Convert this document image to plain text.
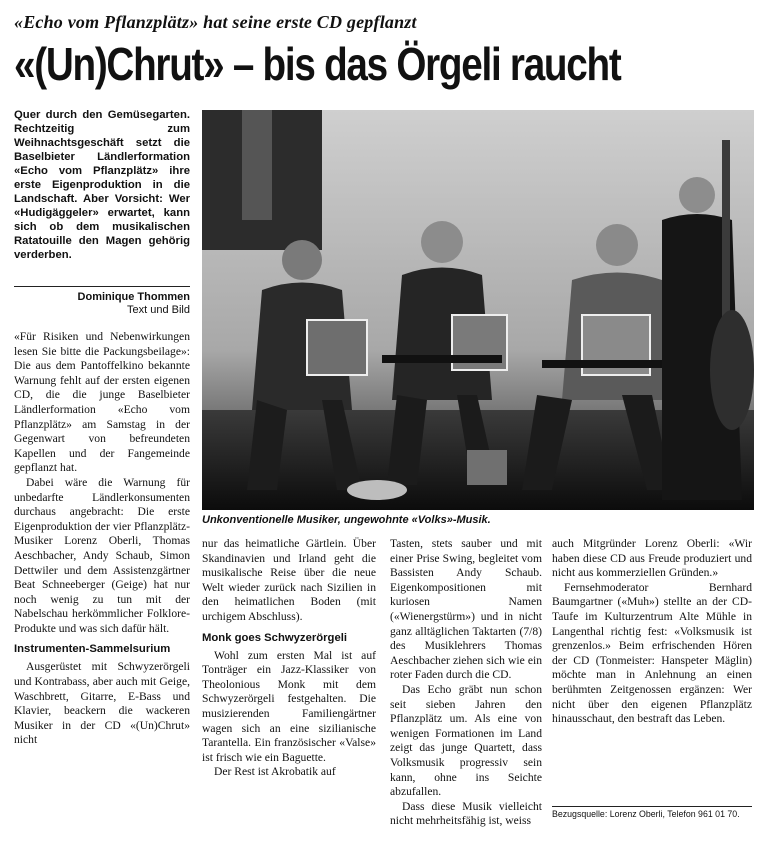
«Echo vom Pflanzplätz» hat seine erste CD gepflanzt
«(Un)Chrut» – bis das Örgeli raucht
Quer durch den Gemüsegarten. Rechtzeitig zum Weihnachtsgeschäft setzt die Baselbieter Ländlerformation «Echo vom Pflanzplätz» ihre erste Eigenproduktion in die Landschaft. Aber Vorsicht: Wer «Hudigäggeler» erwartet, kann sich ob dem musikalischen Ratatouille den Magen gehörig verderben.
Dominique Thommen
Text und Bild

«Für Risiken und Nebenwirkungen lesen Sie bitte die Packungsbeilage»: Die aus dem Pantoffelkino bekannte Warnung fehlt auf der ersten eigenen CD, die die junge Baselbieter Ländlerformation «Echo vom Pflanzplätz» am Samstag in der Gegenwart von befreundeten Kapellen und der Fangemeinde gepflanzt hat.

Dabei wäre die Warnung für unbedarfte Ländlerkonsumenten durchaus angebracht: Die erste Eigenproduktion der vier Pflanzplätz-Musiker Lorenz Oberli, Thomas Aeschbacher, Andy Schaub, Simon Dettwiler und dem Assistenzgärtner Beat Schneeberger (Geige) hat nur noch wenig zu tun mit der Nabelschau herkömmlicher Folklore-Produkte und was sich dafür hält.

Instrumenten-Sammelsurium

Ausgerüstet mit Schwyzerörgeli und Kontrabass, aber auch mit Geige, Waschbrett, Gitarre, E-Bass und Klavier, beackern die wackeren Musiker in der CD «(Un)Chrut» nicht

Unkonventionelle Musiker, ungewohnte «Volks»-Musik.

nur das heimatliche Gärtlein. Über Skandinavien und Irland geht die musikalische Reise über die neue Welt wieder zurück nach Sizilien in den heimatlichen Boden (mit urchigem Abschluss).

Monk goes Schwyzerörgeli

Wohl zum ersten Mal ist auf Tonträger ein Jazz-Klassiker von Theolonious Monk mit dem Schwyzerörgeli festgehalten. Die musizierenden Familiengärtner wagen sich an eine sizilianische Tarantella. Ein französischer «Valse» ist frisch wie ein Baguette.

Der Rest ist Akrobatik auf

Tasten, stets sauber und mit einer Prise Swing, begleitet vom Bassisten Andy Schaub. Eigenkompositionen mit kuriosen Namen («Wienergstürm») und in nicht ganz alltäglichen Taktarten (7/8) des Musiklehrers Thomas Aeschbacher ziehen sich wie ein roter Faden durch die CD.

Das Echo gräbt nun schon seit sieben Jahren den Pflanzplätz um. Als eine von wenigen Formationen im Land zeigt das junge Quartett, dass Volksmusik progressiv sein kann, ohne ins Seichte abzufallen.

Dass diese Musik vielleicht nicht mehrheitsfähig ist, weiss

auch Mitgründer Lorenz Oberli: «Wir haben diese CD aus Freude produziert und nicht aus kommerziellen Gründen.»

Fernsehmoderator Bernhard Baumgartner («Muh») stellte an der CD-Taufe im Kulturzentrum Alte Mühle in Langenthal richtig fest: «Volksmusik ist grenzenlos.» Beim erfrischenden Hören der CD (Tonmeister: Hanspeter Mäglin) möchte man in Anlehnung an einen berühmten Zeitgenossen ergänzen: Wer nicht über den eigenen Pflanzplätz hinausschaut, den bestraft das Leben.

Bezugsquelle: Lorenz Oberli, Telefon 961 01 70.
